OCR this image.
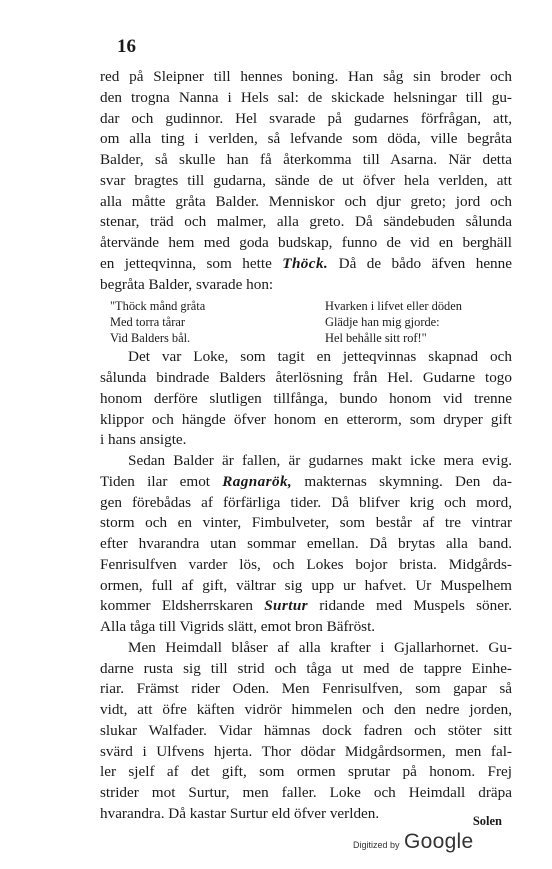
16
red på Sleipner till hennes boning. Han såg sin broder och
den trogna Nanna i Hels sal: de skickade helsningar till gu-
dar och gudinnor. Hel svarade på gudarnes förfrågan, att,
om alla ting i verlden, så lefvande som döda, ville begråta
Balder, så skulle han få återkomma till Asarna. När detta
svar bragtes till gudarna, sände de ut öfver hela verlden, att
alla måtte gråta Balder. Menniskor och djur greto; jord och
stenar, träd och malmer, alla greto. Då sändebuden sålunda
återvände hem med goda budskap, funno de vid en berghäll
en jetteqvinna, som hette Thöck. Då de bådo äfven henne
begråta Balder, svarade hon:
"Thöck månd gråta
Med torra tårar
Vid Balders bål.
Hvarken i lifvet eller döden
Glädje han mig gjorde:
Hel behålle sitt rof!"
Det var Loke, som tagit en jetteqvinnas skapnad och
sålunda bindrade Balders återlösning från Hel. Gudarne togo
honom derföre slutligen tillfånga, bundo honom vid trenne
klippor och hängde öfver honom en etterorm, som dryper gift
i hans ansigte.
Sedan Balder är fallen, är gudarnes makt icke mera evig.
Tiden ilar emot Ragnarök, makternas skymning. Den da-
gen förebådas af förfärliga tider. Då blifver krig och mord,
storm och en vinter, Fimbulveter, som består af tre vintrar
efter hvarandra utan sommar emellan. Då brytas alla band.
Fenrisulfven varder lös, och Lokes bojor brista. Midgårds-
ormen, full af gift, vältrar sig upp ur hafvet. Ur Muspelhem
kommer Eldsherrskaren Surtur ridande med Muspels söner.
Alla tåga till Vigrids slätt, emot bron Bäfröst.
Men Heimdall blåser af alla krafter i Gjallarhornet. Gu-
darne rusta sig till strid och tåga ut med de tappre Einhe-
riar. Främst rider Oden. Men Fenrisulfven, som gapar så
vidt, att öfre käften vidrör himmelen och den nedre jorden,
slukar Walfader. Vidar hämnas dock fadren och stöter sitt
svärd i Ulfvens hjerta. Thor dödar Midgårdsormen, men fal-
ler sjelf af det gift, som ormen sprutar på honom. Frej
strider mot Surtur, men faller. Loke och Heimdall dräpa
hvarandra. Då kastar Surtur eld öfver verlden.	Solen
Digitized by Google
